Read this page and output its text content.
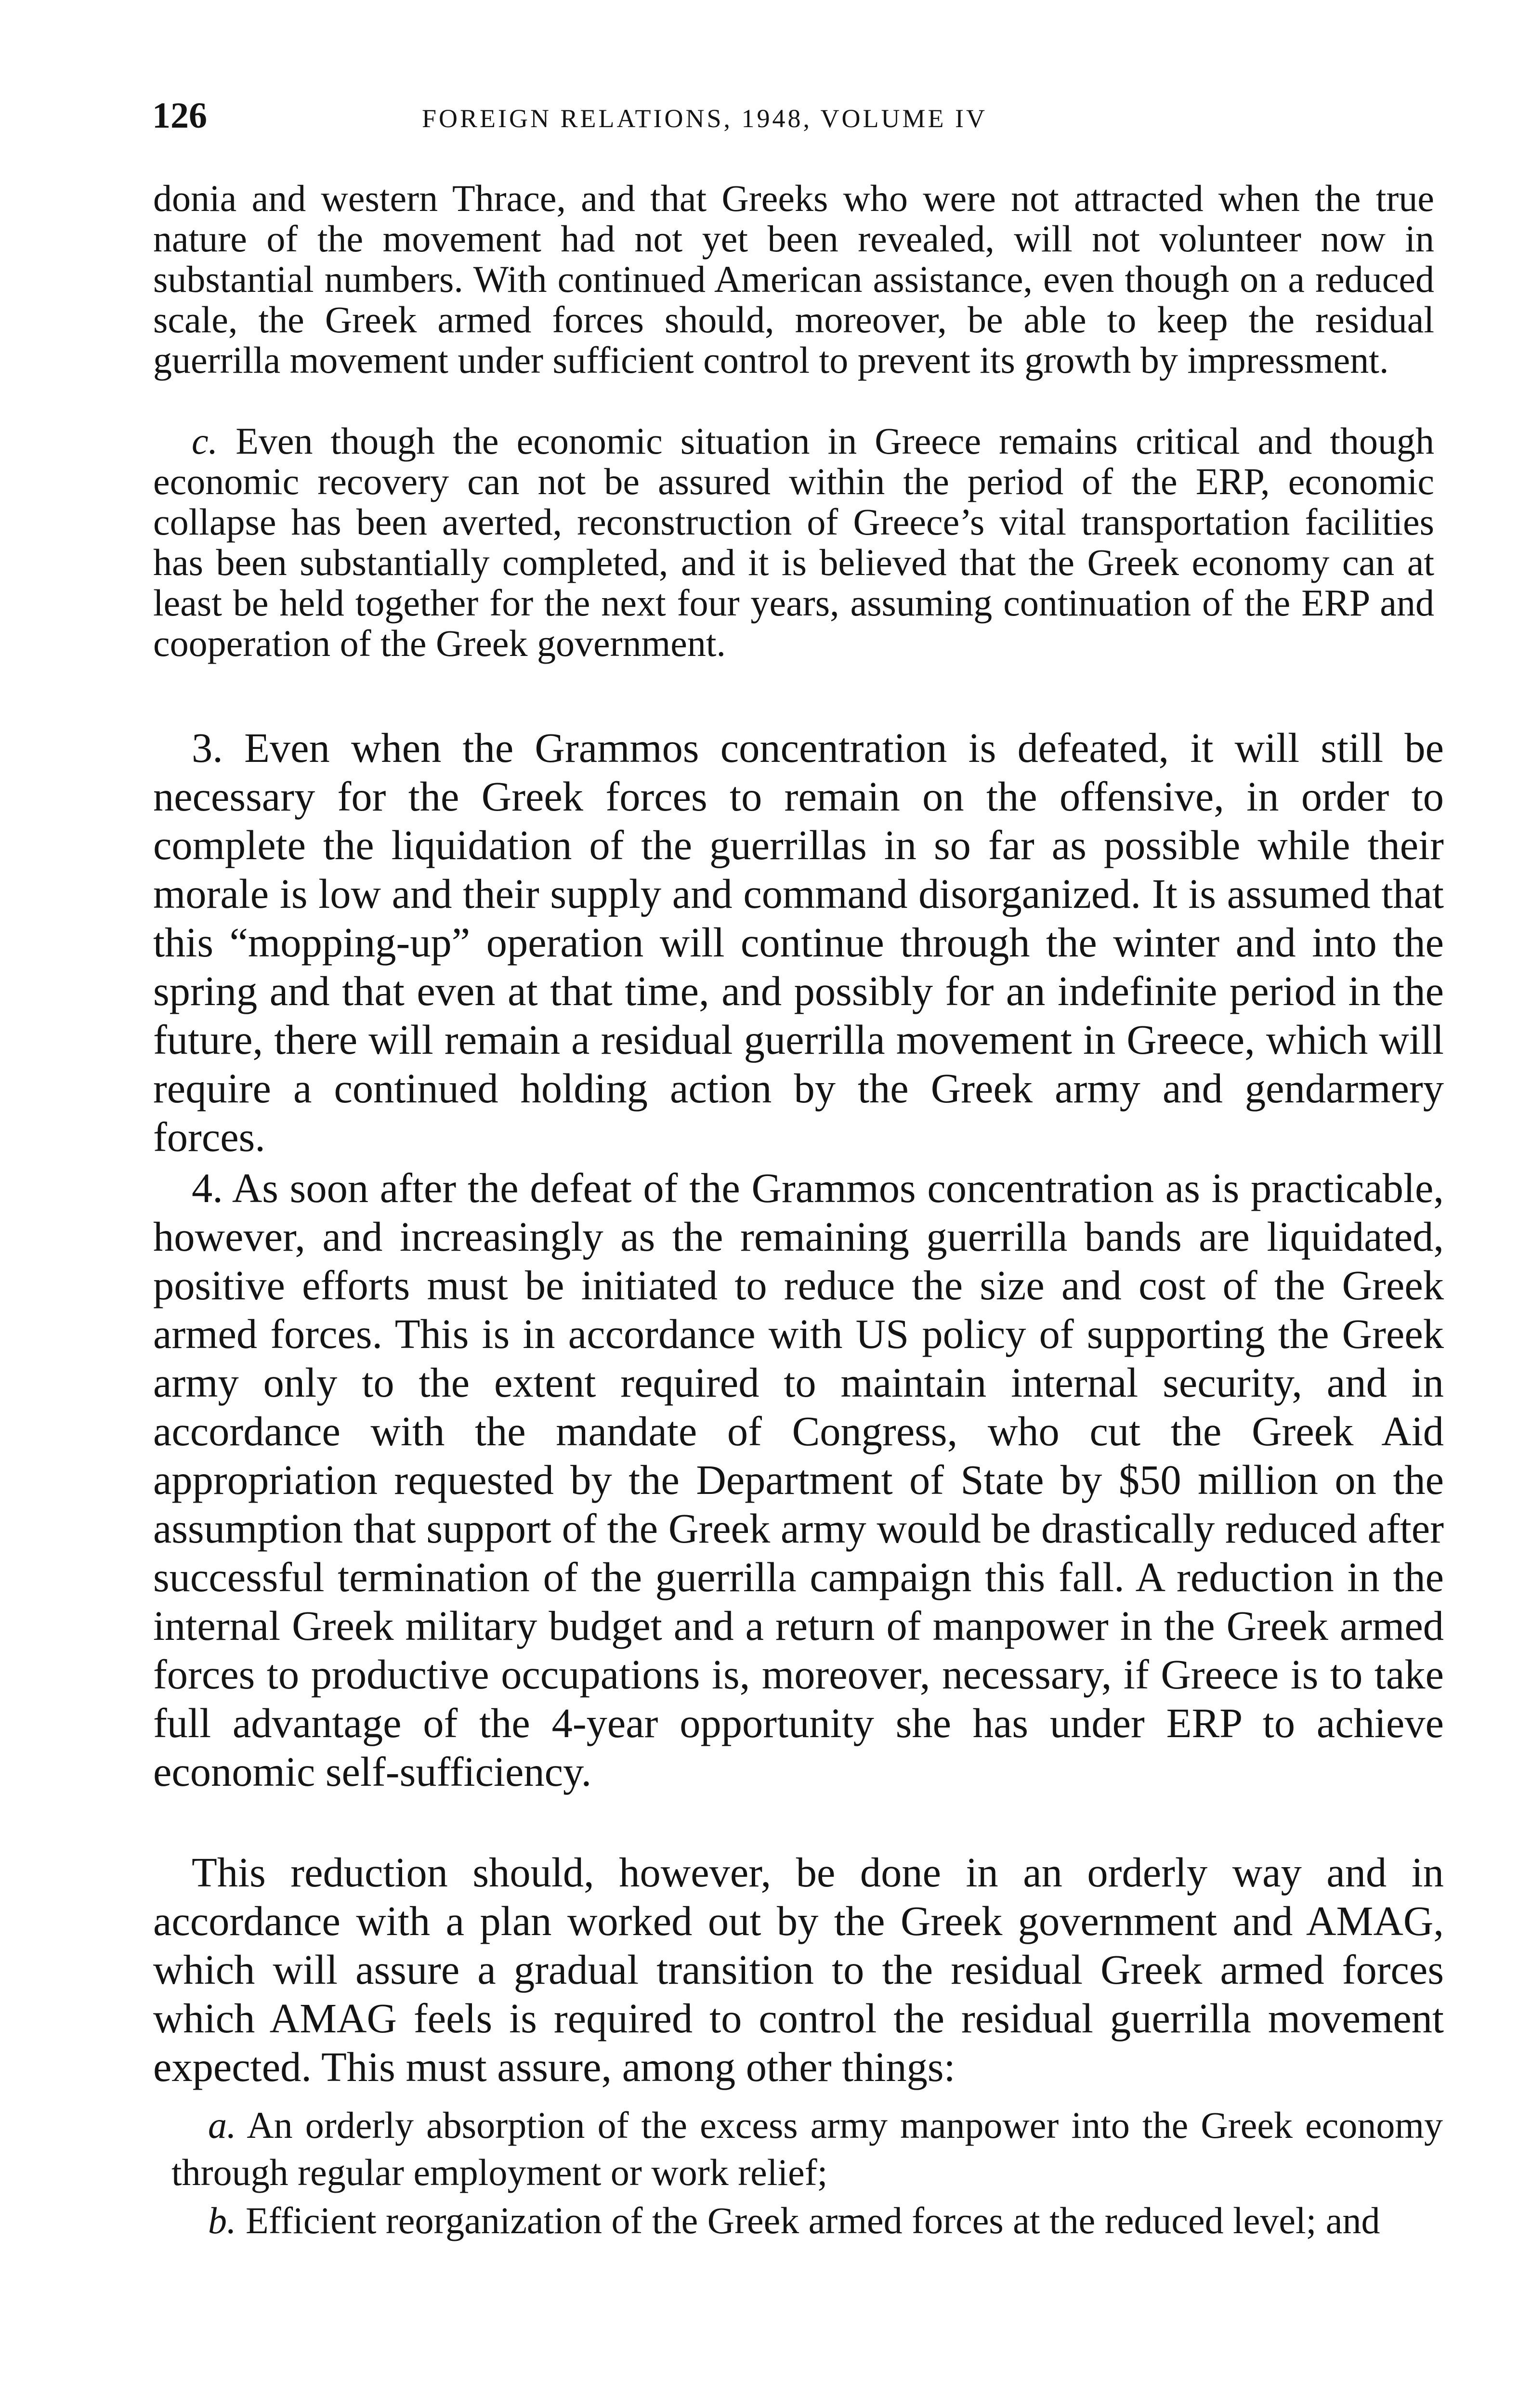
126	FOREIGN RELATIONS, 1948, VOLUME IV

donia and western Thrace, and that Greeks who were not attracted when the true nature of the movement had not yet been revealed, will not volunteer now in substantial numbers. With continued American assistance, even though on a reduced scale, the Greek armed forces should, moreover, be able to keep the residual guerrilla movement under sufficient control to prevent its growth by impressment.

c. Even though the economic situation in Greece remains critical and though economic recovery can not be assured within the period of the ERP, economic collapse has been averted, reconstruction of Greece’s vital transportation facilities has been substantially completed, and it is believed that the Greek economy can at least be held together for the next four years, assuming continuation of the ERP and cooperation of the Greek government.

3. Even when the Grammos concentration is defeated, it will still be necessary for the Greek forces to remain on the offensive, in order to complete the liquidation of the guerrillas in so far as possible while their morale is low and their supply and command disorganized. It is assumed that this “mopping-up” operation will continue through the winter and into the spring and that even at that time, and possibly for an indefinite period in the future, there will remain a residual guerrilla movement in Greece, which will require a continued holding action by the Greek army and gendarmery forces.

4. As soon after the defeat of the Grammos concentration as is practicable, however, and increasingly as the remaining guerrilla bands are liquidated, positive efforts must be initiated to reduce the size and cost of the Greek armed forces. This is in accordance with US policy of supporting the Greek army only to the extent required to maintain internal security, and in accordance with the mandate of Congress, who cut the Greek Aid appropriation requested by the Department of State by $50 million on the assumption that support of the Greek army would be drastically reduced after successful termination of the guerrilla campaign this fall. A reduction in the internal Greek military budget and a return of manpower in the Greek armed forces to productive occupations is, moreover, necessary, if Greece is to take full advantage of the 4-year opportunity she has under ERP to achieve economic self-sufficiency.

This reduction should, however, be done in an orderly way and in accordance with a plan worked out by the Greek government and AMAG, which will assure a gradual transition to the residual Greek armed forces which AMAG feels is required to control the residual guerrilla movement expected. This must assure, among other things:

a. An orderly absorption of the excess army manpower into the Greek economy through regular employment or work relief;

b. Efficient reorganization of the Greek armed forces at the reduced level; and
